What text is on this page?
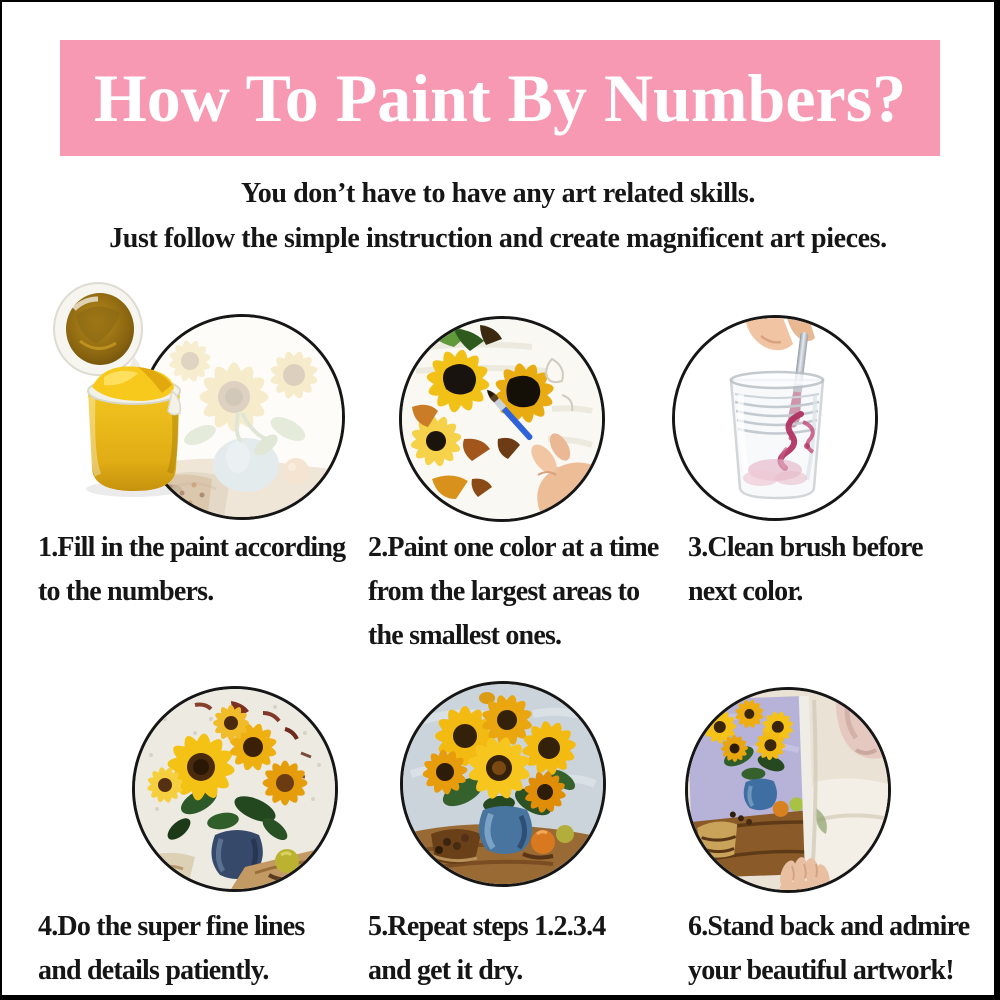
How To Paint By Numbers?

You don’t have to have any art related skills.

Just follow the simple instruction and create magnificent art pieces.

1.Fill in the paint according
to the numbers.
2.Paint one color at a time
from the largest areas to
the smallest ones.
3.Clean brush before
next color.
4.Do the super fine lines
and details patiently.
5.Repeat steps 1.2.3.4
and get it dry.
6.Stand back and admire
your beautiful artwork!
